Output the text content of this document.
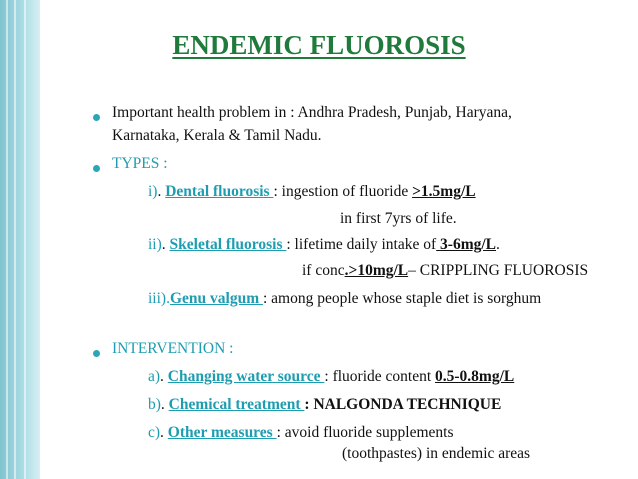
ENDEMIC FLUOROSIS
Important health problem in : Andhra Pradesh, Punjab, Haryana,
Karnataka, Kerala & Tamil Nadu.
TYPES :
i). Dental fluorosis : ingestion of fluoride >1.5mg/L
in first 7yrs of life.
ii). Skeletal fluorosis : lifetime daily intake of 3-6mg/L.
if conc.>10mg/L– CRIPPLING FLUOROSIS
iii).Genu valgum : among people whose staple diet is sorghum
INTERVENTION :
a). Changing water source : fluoride content 0.5-0.8mg/L
b). Chemical treatment : NALGONDA TECHNIQUE
c). Other measures : avoid fluoride supplements
(toothpastes) in endemic areas
